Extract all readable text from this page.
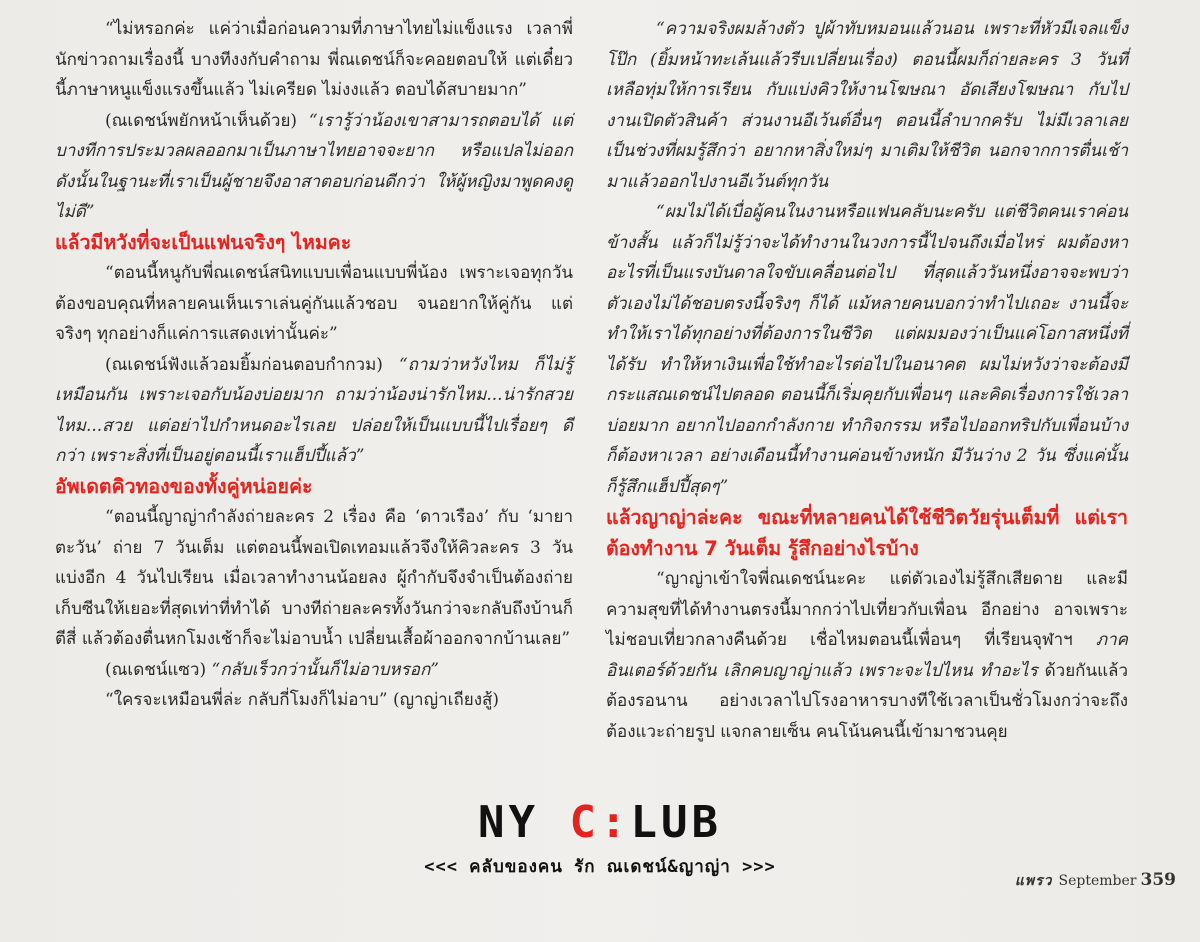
“ไม่หรอกค่ะ แค่ว่าเมื่อก่อนความที่ภาษาไทยไม่แข็งแรง เวลาพี่นักข่าวถามเรื่องนี้ บางทีงงกับคำถาม พี่ณเดชน์ก็จะคอยตอบให้ แต่เดี๋ยวนี้ภาษาหนูแข็งแรงขึ้นแล้ว ไม่เครียด ไม่งงแล้ว ตอบได้สบายมาก”

(ณเดชน์พยักหน้าเห็นด้วย) “เรารู้ว่าน้องเขาสามารถตอบได้ แต่บางทีการประมวลผลออกมาเป็นภาษาไทยอาจจะยาก หรือแปลไม่ออก ดังนั้นในฐานะที่เราเป็นผู้ชายจึงอาสาตอบก่อนดีกว่า ให้ผู้หญิงมาพูดคงดูไม่ดี”

แล้วมีหวังที่จะเป็นแฟนจริงๆ ไหมคะ

“ตอนนี้หนูกับพี่ณเดชน์สนิทแบบเพื่อนแบบพี่น้อง เพราะเจอทุกวัน ต้องขอบคุณที่หลายคนเห็นเราเล่นคู่กันแล้วชอบ จนอยากให้คู่กัน แต่จริงๆ ทุกอย่างก็แค่การแสดงเท่านั้นค่ะ”

(ณเดชน์ฟังแล้วอมยิ้มก่อนตอบกำกวม) “ถามว่าหวังไหม ก็ไม่รู้เหมือนกัน เพราะเจอกับน้องบ่อยมาก ถามว่าน้องน่ารักไหม...น่ารักสวยไหม...สวย แต่อย่าไปกำหนดอะไรเลย ปล่อยให้เป็นแบบนี้ไปเรื่อยๆ ดีกว่า เพราะสิ่งที่เป็นอยู่ตอนนี้เราแฮ็ปปี้แล้ว”

อัพเดตคิวทองของทั้งคู่หน่อยค่ะ

“ตอนนี้ญาญ่ากำลังถ่ายละคร 2 เรื่อง คือ ‘ดาวเรือง’ กับ ‘มายาตะวัน’ ถ่าย 7 วันเต็ม แต่ตอนนี้พอเปิดเทอมแล้วจึงให้คิวละคร 3 วัน แบ่งอีก 4 วันไปเรียน เมื่อเวลาทำงานน้อยลง ผู้กำกับจึงจำเป็นต้องถ่ายเก็บซีนให้เยอะที่สุดเท่าที่ทำได้ บางทีถ่ายละครทั้งวันกว่าจะกลับถึงบ้านก็ตีสี่ แล้วต้องตื่นหกโมงเช้าก็จะไม่อาบน้ำ เปลี่ยนเสื้อผ้าออกจากบ้านเลย”

(ณเดชน์แซว) “กลับเร็วกว่านั้นก็ไม่อาบหรอก”

“ใครจะเหมือนพี่ล่ะ กลับกี่โมงก็ไม่อาบ” (ญาญ่าเถียงสู้)

“ความจริงผมล้างตัว ปูผ้าทับหมอนแล้วนอน เพราะที่หัวมีเจลแข็งโป๊ก (ยิ้มหน้าทะเล้นแล้วรีบเปลี่ยนเรื่อง) ตอนนี้ผมก็ถ่ายละคร 3 วันที่เหลือทุ่มให้การเรียน กับแบ่งคิวให้งานโฆษณา อัดเสียงโฆษณา กับไปงานเปิดตัวสินค้า ส่วนงานอีเว้นต์อื่นๆ ตอนนี้ลำบากครับ ไม่มีเวลาเลย เป็นช่วงที่ผมรู้สึกว่า อยากหาสิ่งใหม่ๆ มาเติมให้ชีวิต นอกจากการตื่นเช้ามาแล้วออกไปงานอีเว้นต์ทุกวัน

“ผมไม่ได้เบื่อผู้คนในงานหรือแฟนคลับนะครับ แต่ชีวิตคนเราค่อนข้างสั้น แล้วก็ไม่รู้ว่าจะได้ทำงานในวงการนี้ไปจนถึงเมื่อไหร่ ผมต้องหาอะไรที่เป็นแรงบันดาลใจขับเคลื่อนต่อไป ที่สุดแล้ววันหนึ่งอาจจะพบว่า ตัวเองไม่ได้ชอบตรงนี้จริงๆ ก็ได้ แม้หลายคนบอกว่าทำไปเถอะ งานนี้จะทำให้เราได้ทุกอย่างที่ต้องการในชีวิต แต่ผมมองว่าเป็นแค่โอกาสหนึ่งที่ได้รับ ทำให้หาเงินเพื่อใช้ทำอะไรต่อไปในอนาคต ผมไม่หวังว่าจะต้องมีกระแสณเดชน์ไปตลอด ตอนนี้ก็เริ่มคุยกับเพื่อนๆ และคิดเรื่องการใช้เวลาบ่อยมาก อยากไปออกกำลังกาย ทำกิจกรรม หรือไปออกทริปกับเพื่อนบ้าง ก็ต้องหาเวลา อย่างเดือนนี้ทำงานค่อนข้างหนัก มีวันว่าง 2 วัน ซึ่งแค่นั้นก็รู้สึกแฮ็ปปี้สุดๆ”

แล้วญาญ่าล่ะคะ ขณะที่หลายคนได้ใช้ชีวิตวัยรุ่นเต็มที่ แต่เราต้องทำงาน 7 วันเต็ม รู้สึกอย่างไรบ้าง

“ญาญ่าเข้าใจพี่ณเดชน์นะคะ แต่ตัวเองไม่รู้สึกเสียดาย และมีความสุขที่ได้ทำงานตรงนี้มากกว่าไปเที่ยวกับเพื่อน อีกอย่าง อาจเพราะไม่ชอบเที่ยวกลางคืนด้วย เชื่อไหมตอนนี้เพื่อนๆ ที่เรียนจุฬาฯ ภาคอินเตอร์ด้วยกัน เลิกคบญาญ่าแล้ว เพราะจะไปไหน ทำอะไร ด้วยกันแล้วต้องรอนาน อย่างเวลาไปโรงอาหารบางทีใช้เวลาเป็นชั่วโมงกว่าจะถึง ต้องแวะถ่ายรูป แจกลายเซ็น คนโน้นคนนี้เข้ามาชวนคุย

NY C:LUB
<<< คลับของคน รัก ณเดชน์&ญาญ่า >>>
แพรว September 359
